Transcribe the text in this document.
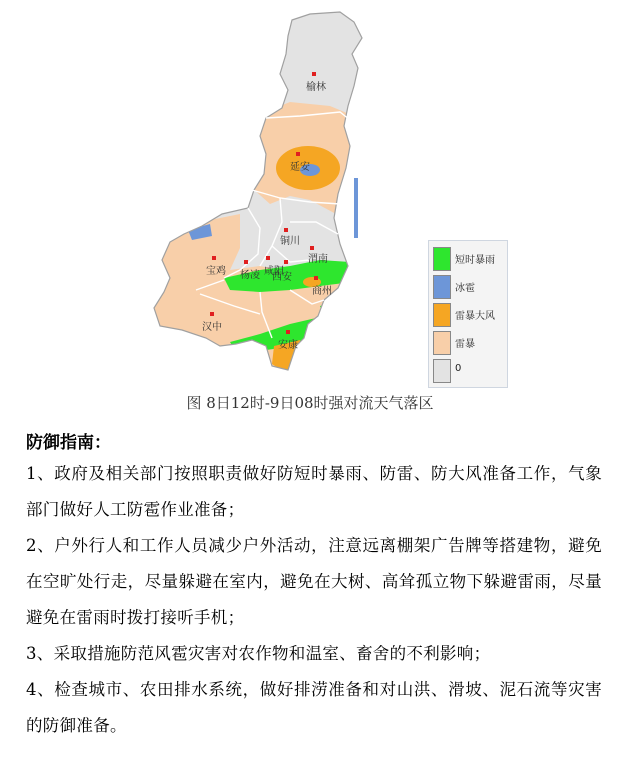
榆林
延安
铜川
渭南
宝鸡 杨凌 咸阳
西安
商州
汉中
安康
短时暴雨
冰雹
雷暴大风
雷暴
0
图 8日12时-9日08时强对流天气落区
防御指南：
1、政府及相关部门按照职责做好防短时暴雨、防雷、防大风准备工作，气象部门做好人工防雹作业准备；
2、户外行人和工作人员减少户外活动，注意远离棚架广告牌等搭建物，避免在空旷处行走，尽量躲避在室内，避免在大树、高耸孤立物下躲避雷雨，尽量避免在雷雨时拨打接听手机；
3、采取措施防范风雹灾害对农作物和温室、畜舍的不利影响；
4、检查城市、农田排水系统，做好排涝准备和对山洪、滑坡、泥石流等灾害的防御准备。
